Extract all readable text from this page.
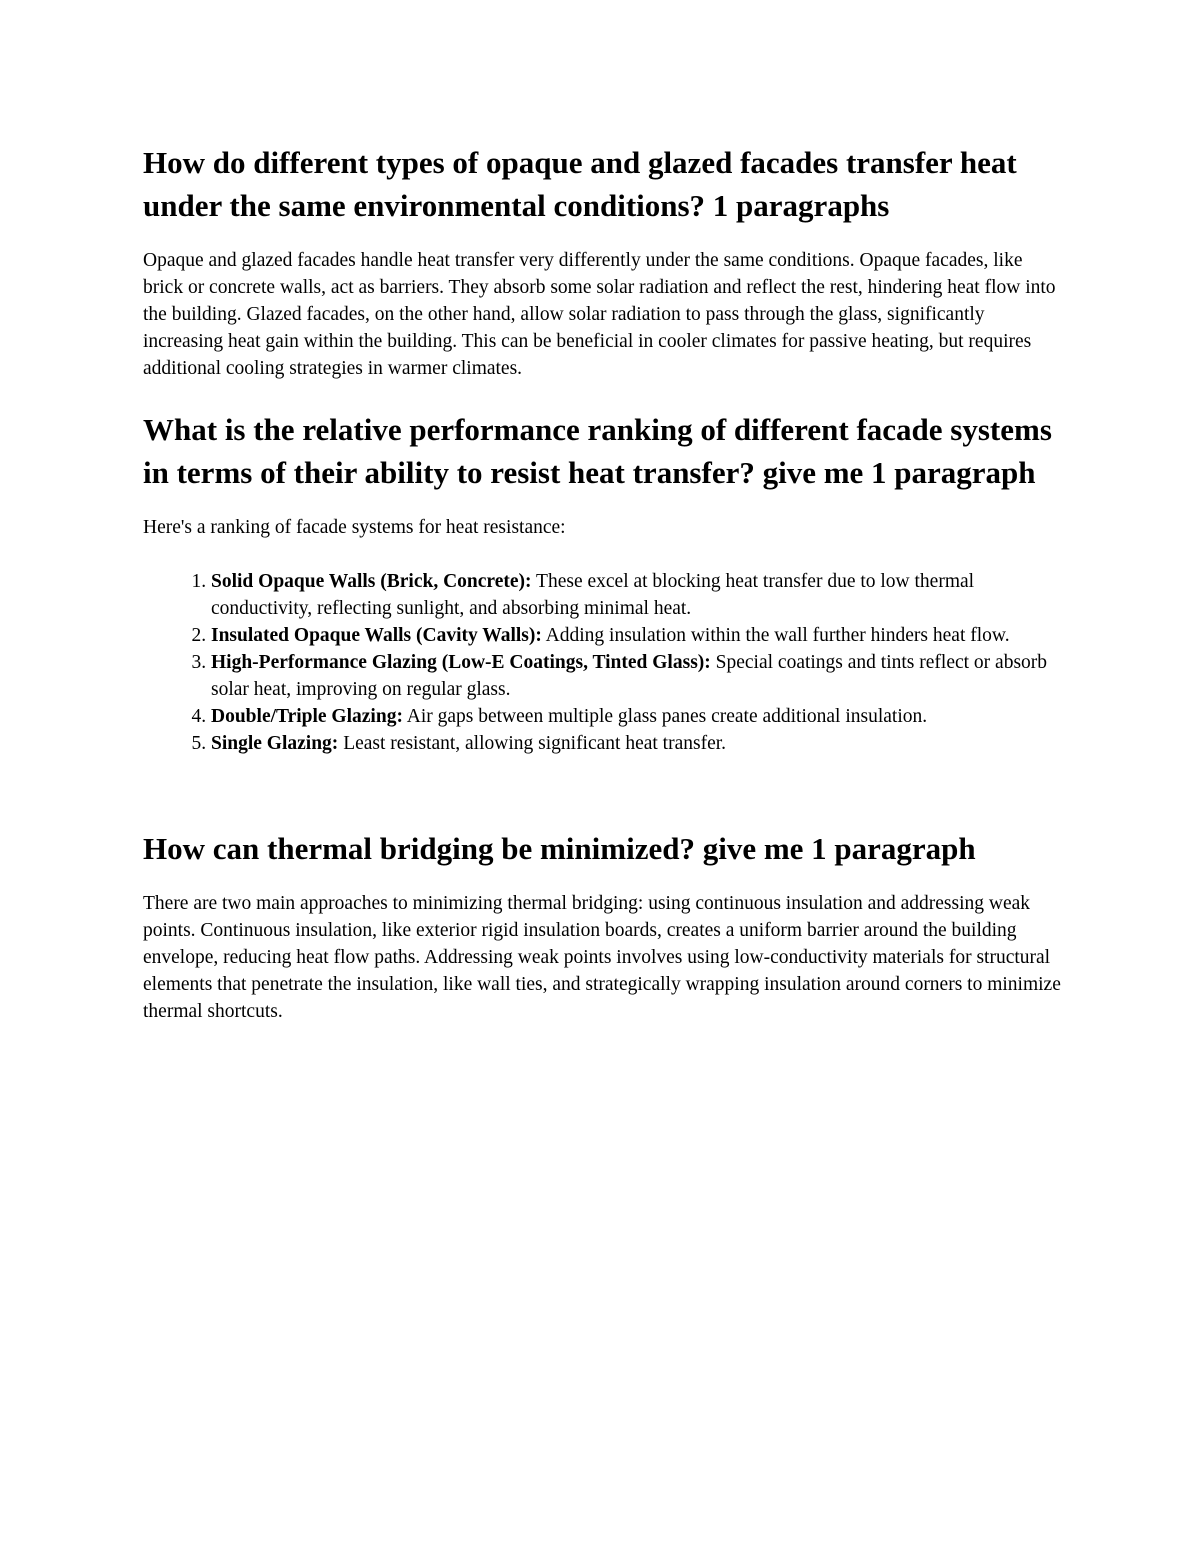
How do different types of opaque and glazed facades transfer heat under the same environmental conditions? 1 paragraphs

Opaque and glazed facades handle heat transfer very differently under the same conditions. Opaque facades, like brick or concrete walls, act as barriers. They absorb some solar radiation and reflect the rest, hindering heat flow into the building. Glazed facades, on the other hand, allow solar radiation to pass through the glass, significantly increasing heat gain within the building. This can be beneficial in cooler climates for passive heating, but requires additional cooling strategies in warmer climates.

What is the relative performance ranking of different facade systems in terms of their ability to resist heat transfer? give me 1 paragraph

Here's a ranking of facade systems for heat resistance:

1. Solid Opaque Walls (Brick, Concrete): These excel at blocking heat transfer due to low thermal conductivity, reflecting sunlight, and absorbing minimal heat.
2. Insulated Opaque Walls (Cavity Walls): Adding insulation within the wall further hinders heat flow.
3. High-Performance Glazing (Low-E Coatings, Tinted Glass): Special coatings and tints reflect or absorb solar heat, improving on regular glass.
4. Double/Triple Glazing: Air gaps between multiple glass panes create additional insulation.
5. Single Glazing: Least resistant, allowing significant heat transfer.
How can thermal bridging be minimized? give me 1 paragraph

There are two main approaches to minimizing thermal bridging: using continuous insulation and addressing weak points. Continuous insulation, like exterior rigid insulation boards, creates a uniform barrier around the building envelope, reducing heat flow paths. Addressing weak points involves using low-conductivity materials for structural elements that penetrate the insulation, like wall ties, and strategically wrapping insulation around corners to minimize thermal shortcuts.
